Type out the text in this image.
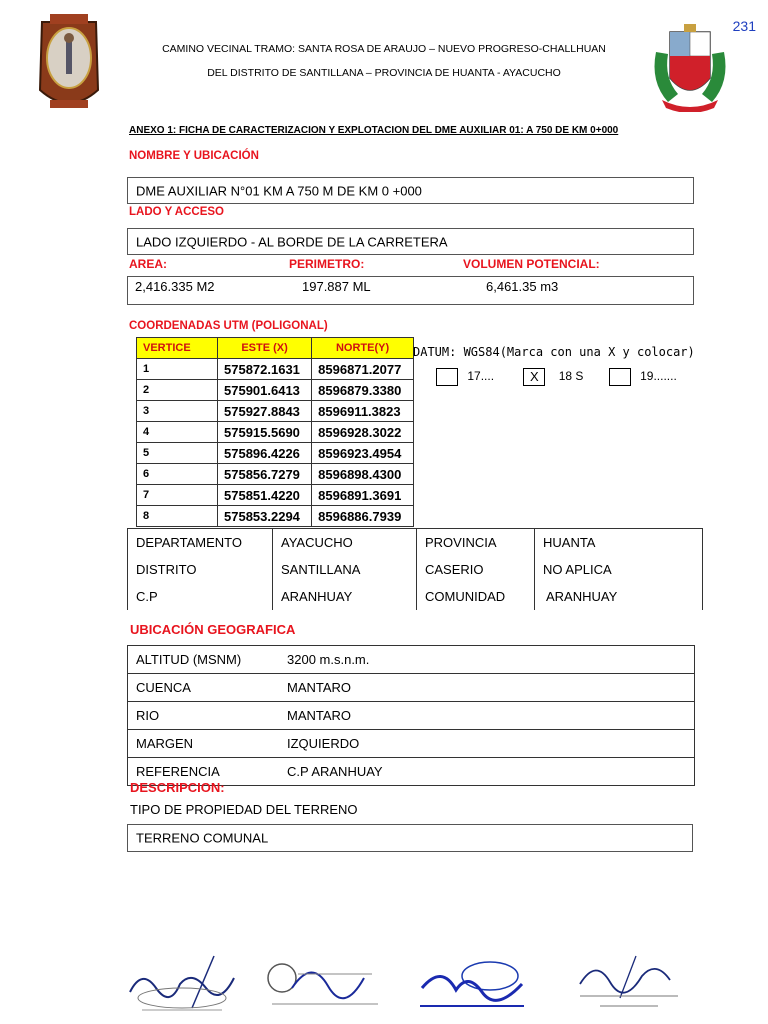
231
CAMINO VECINAL TRAMO: SANTA ROSA DE ARAUJO – NUEVO PROGRESO-CHALLHUAN
DEL DISTRITO DE SANTILLANA – PROVINCIA DE HUANTA - AYACUCHO
ANEXO 1: FICHA DE CARACTERIZACION Y EXPLOTACION DEL DME AUXILIAR 01: A 750 DE KM 0+000
NOMBRE Y UBICACIÓN
DME AUXILIAR N°01 KM A 750 M DE KM 0 +000
LADO Y ACCESO
LADO IZQUIERDO - AL BORDE DE LA CARRETERA
AREA:	PERIMETRO:	VOLUMEN POTENCIAL:
2,416.335 M2	197.887 ML	6,461.35 m3
COORDENADAS UTM (POLIGONAL)
VERTICE	ESTE (X)	NORTE(Y)
1	575872.1631	8596871.2077
2	575901.6413	8596879.3380
3	575927.8843	8596911.3823
4	575915.5690	8596928.3022
5	575896.4226	8596923.4954
6	575856.7279	8596898.4300
7	575851.4220	8596891.3691
8	575853.2294	8596886.7939
DATUM: WGS84(Marca con una X y colocar)
17....	X 18 S	19.......
DEPARTAMENTO	AYACUCHO	PROVINCIA	HUANTA
DISTRITO	SANTILLANA	CASERIO	NO APLICA
C.P	ARANHUAY	COMUNIDAD	ARANHUAY
UBICACIÓN GEOGRAFICA
ALTITUD (MSNM)	3200 m.s.n.m.
CUENCA	MANTARO
RIO	MANTARO
MARGEN	IZQUIERDO
REFERENCIA	C.P ARANHUAY
DESCRIPCION:
TIPO DE PROPIEDAD DEL TERRENO
TERRENO COMUNAL
